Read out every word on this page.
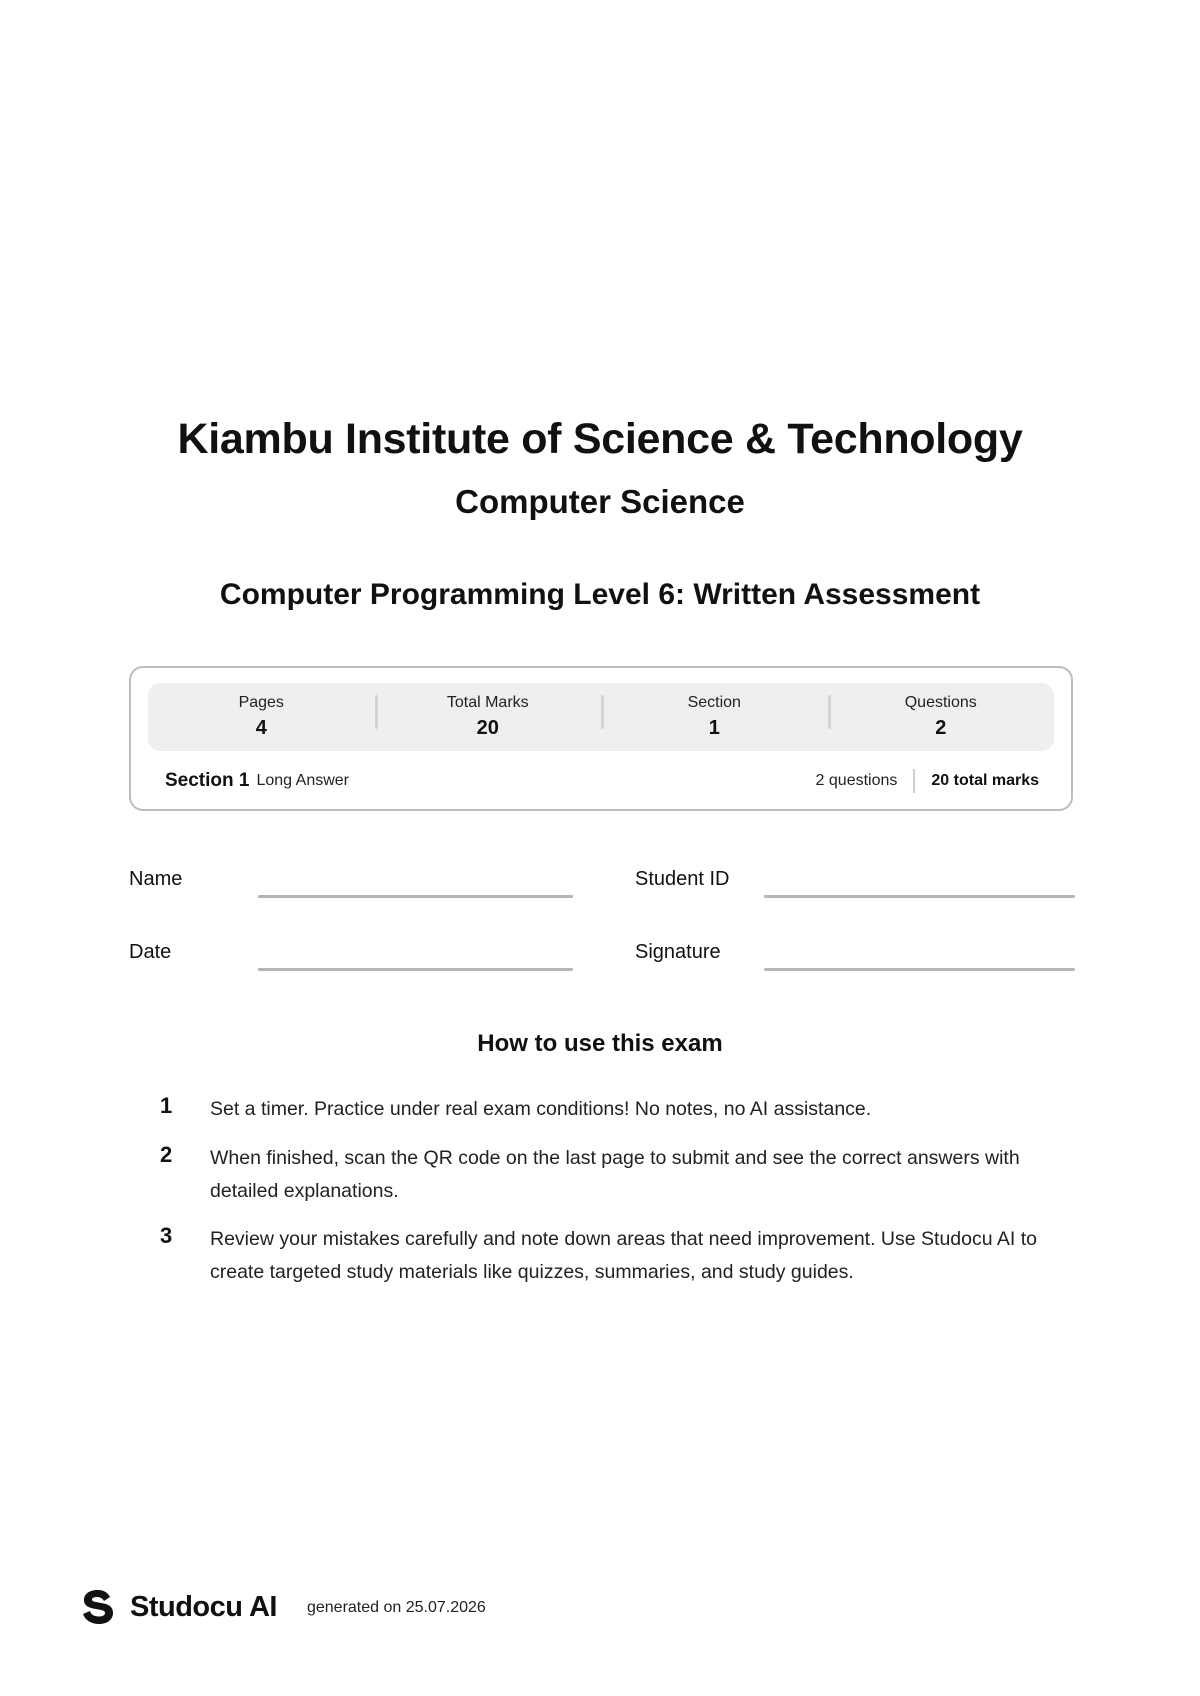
Kiambu Institute of Science & Technology
Computer Science
Computer Programming Level 6: Written Assessment
Pages
4
Total Marks
20
Section
1
Questions
2
Section 1 Long Answer	2 questions 20 total marks
Name	Student ID
Date	Signature
How to use this exam
1	Set a timer. Practice under real exam conditions! No notes, no AI assistance.
2	When finished, scan the QR code on the last page to submit and see the correct answers with detailed explanations.
3	Review your mistakes carefully and note down areas that need improvement. Use Studocu AI to create targeted study materials like quizzes, summaries, and study guides.
Studocu AI generated on 25.07.2026
